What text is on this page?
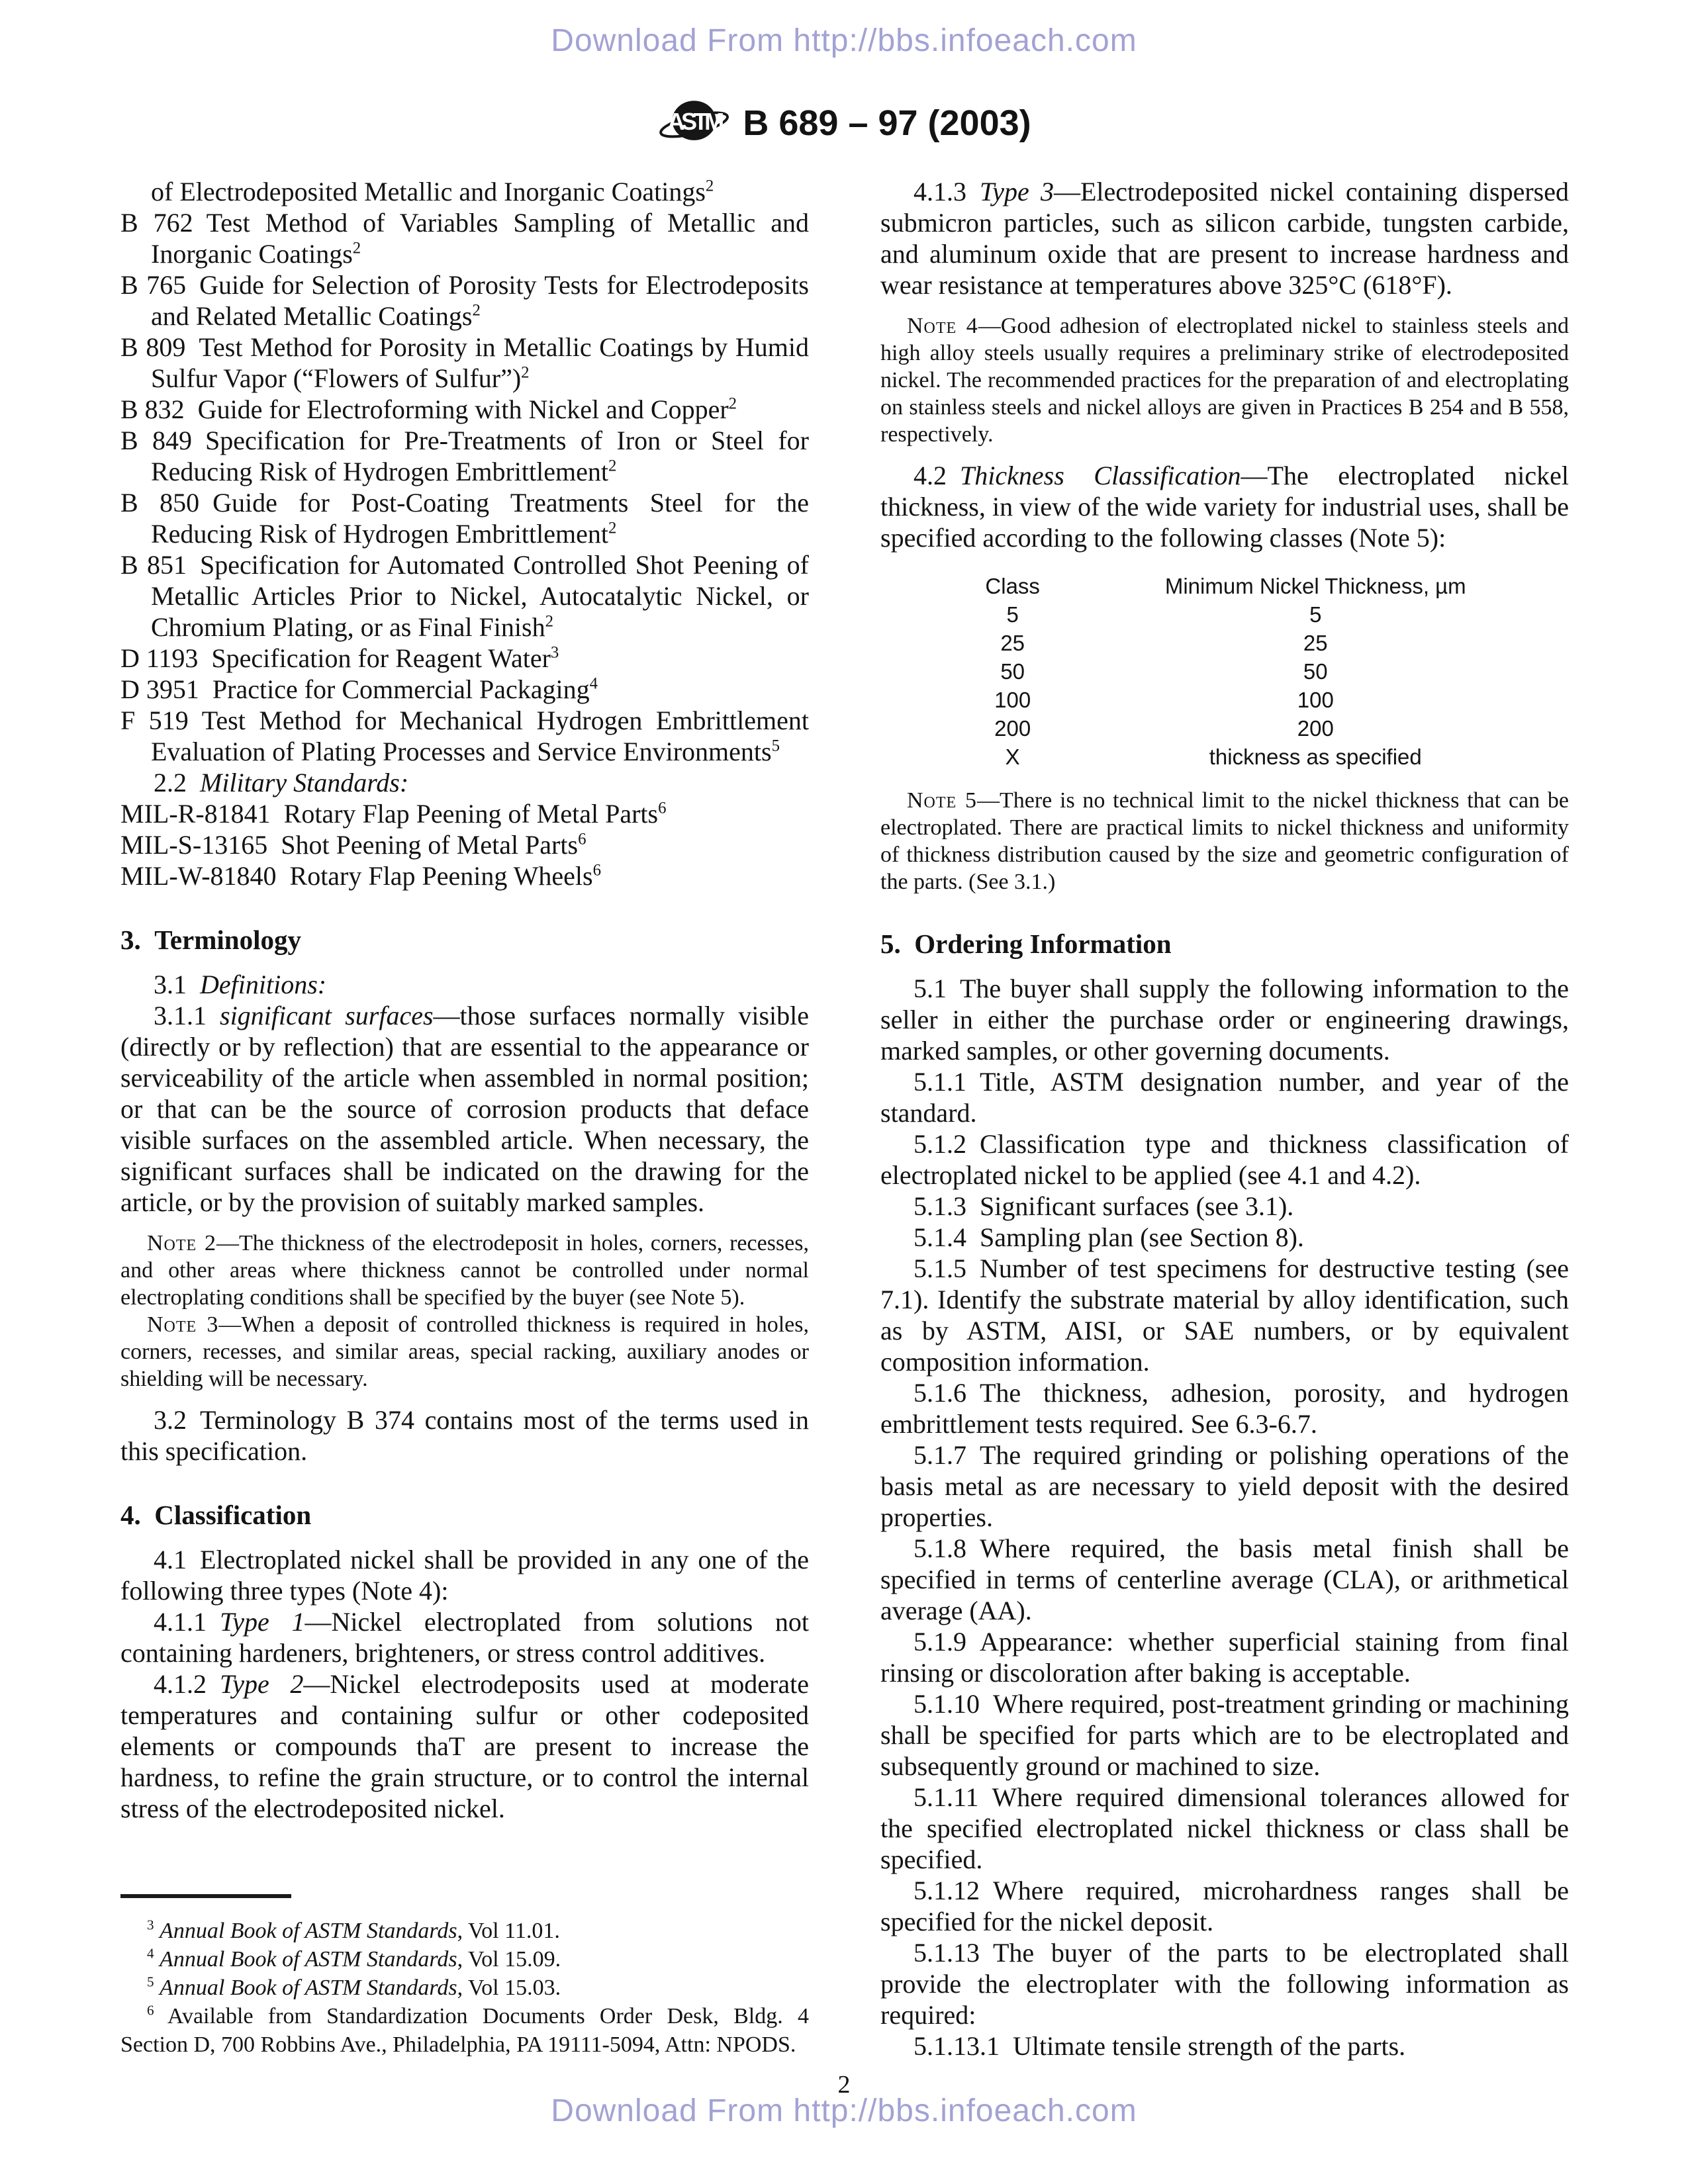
Download From http://bbs.infoeach.com
ASTM B 689 – 97 (2003)
of Electrodeposited Metallic and Inorganic Coatings$^2$
B 762 Test Method of Variables Sampling of Metallic and Inorganic Coatings$^2$
B 765 Guide for Selection of Porosity Tests for Electrodeposits and Related Metallic Coatings$^2$
B 809 Test Method for Porosity in Metallic Coatings by Humid Sulfur Vapor (“Flowers of Sulfur”)$^2$
B 832 Guide for Electroforming with Nickel and Copper$^2$
B 849 Specification for Pre-Treatments of Iron or Steel for Reducing Risk of Hydrogen Embrittlement$^2$
B 850 Guide for Post-Coating Treatments Steel for the Reducing Risk of Hydrogen Embrittlement$^2$
B 851 Specification for Automated Controlled Shot Peening of Metallic Articles Prior to Nickel, Autocatalytic Nickel, or Chromium Plating, or as Final Finish$^2$
D 1193 Specification for Reagent Water$^3$
D 3951 Practice for Commercial Packaging$^4$
F 519 Test Method for Mechanical Hydrogen Embrittlement Evaluation of Plating Processes and Service Environments$^5$
2.2 Military Standards:
MIL-R-81841 Rotary Flap Peening of Metal Parts$^6$
MIL-S-13165 Shot Peening of Metal Parts$^6$
MIL-W-81840 Rotary Flap Peening Wheels$^6$
3. Terminology
3.1 Definitions:
3.1.1 significant surfaces—those surfaces normally visible (directly or by reflection) that are essential to the appearance or serviceability of the article when assembled in normal position; or that can be the source of corrosion products that deface visible surfaces on the assembled article. When necessary, the significant surfaces shall be indicated on the drawing for the article, or by the provision of suitably marked samples.
Note 2—The thickness of the electrodeposit in holes, corners, recesses, and other areas where thickness cannot be controlled under normal electroplating conditions shall be specified by the buyer (see Note 5).
Note 3—When a deposit of controlled thickness is required in holes, corners, recesses, and similar areas, special racking, auxiliary anodes or shielding will be necessary.
3.2 Terminology B 374 contains most of the terms used in this specification.
4. Classification
4.1 Electroplated nickel shall be provided in any one of the following three types (Note 4):
4.1.1 Type 1—Nickel electroplated from solutions not containing hardeners, brighteners, or stress control additives.
4.1.2 Type 2—Nickel electrodeposits used at moderate temperatures and containing sulfur or other codeposited elements or compounds thaT are present to increase the hardness, to refine the grain structure, or to control the internal stress of the electrodeposited nickel.
$^3$ Annual Book of ASTM Standards, Vol 11.01.
$^4$ Annual Book of ASTM Standards, Vol 15.09.
$^5$ Annual Book of ASTM Standards, Vol 15.03.
$^6$ Available from Standardization Documents Order Desk, Bldg. 4 Section D, 700 Robbins Ave., Philadelphia, PA 19111-5094, Attn: NPODS.
4.1.3 Type 3—Electrodeposited nickel containing dispersed submicron particles, such as silicon carbide, tungsten carbide, and aluminum oxide that are present to increase hardness and wear resistance at temperatures above 325°C (618°F).
Note 4—Good adhesion of electroplated nickel to stainless steels and high alloy steels usually requires a preliminary strike of electrodeposited nickel. The recommended practices for the preparation of and electroplating on stainless steels and nickel alloys are given in Practices B 254 and B 558, respectively.
4.2 Thickness Classification—The electroplated nickel thickness, in view of the wide variety for industrial uses, shall be specified according to the following classes (Note 5):
Class	Minimum Nickel Thickness, µm
5	5
25	25
50	50
100	100
200	200
X	thickness as specified
Note 5—There is no technical limit to the nickel thickness that can be electroplated. There are practical limits to nickel thickness and uniformity of thickness distribution caused by the size and geometric configuration of the parts. (See 3.1.)
5. Ordering Information
5.1 The buyer shall supply the following information to the seller in either the purchase order or engineering drawings, marked samples, or other governing documents.
5.1.1 Title, ASTM designation number, and year of the standard.
5.1.2 Classification type and thickness classification of electroplated nickel to be applied (see 4.1 and 4.2).
5.1.3 Significant surfaces (see 3.1).
5.1.4 Sampling plan (see Section 8).
5.1.5 Number of test specimens for destructive testing (see 7.1). Identify the substrate material by alloy identification, such as by ASTM, AISI, or SAE numbers, or by equivalent composition information.
5.1.6 The thickness, adhesion, porosity, and hydrogen embrittlement tests required. See 6.3-6.7.
5.1.7 The required grinding or polishing operations of the basis metal as are necessary to yield deposit with the desired properties.
5.1.8 Where required, the basis metal finish shall be specified in terms of centerline average (CLA), or arithmetical average (AA).
5.1.9 Appearance: whether superficial staining from final rinsing or discoloration after baking is acceptable.
5.1.10 Where required, post-treatment grinding or machining shall be specified for parts which are to be electroplated and subsequently ground or machined to size.
5.1.11 Where required dimensional tolerances allowed for the specified electroplated nickel thickness or class shall be specified.
5.1.12 Where required, microhardness ranges shall be specified for the nickel deposit.
5.1.13 The buyer of the parts to be electroplated shall provide the electroplater with the following information as required:
5.1.13.1 Ultimate tensile strength of the parts.
2
Download From http://bbs.infoeach.com
